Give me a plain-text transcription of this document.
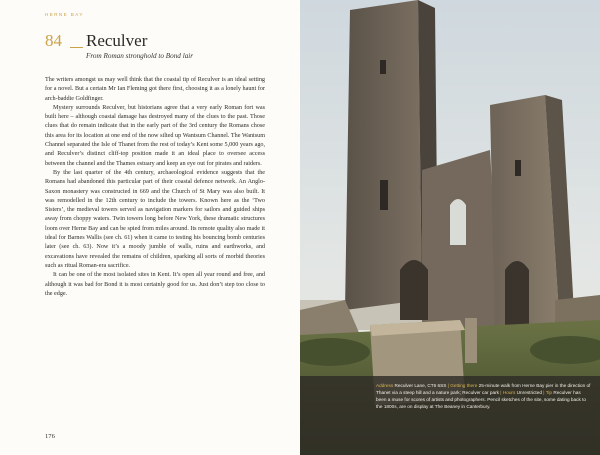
HERNE BAY
84 Reculver
From Roman stronghold to Bond lair

The writers amongst us may well think that the coastal tip of Reculver is an ideal setting for a novel. But a certain Mr Ian Fleming got there first, choosing it as a lonely haunt for arch-baddie Goldfinger.

Mystery surrounds Reculver, but historians agree that a very early Roman fort was built here – although coastal damage has destroyed many of the clues to the past. Those clues that do remain indicate that in the early part of the 3rd century the Romans chose this area for its location at one end of the now silted up Wantsum Channel. The Wantsum Channel separated the Isle of Thanet from the rest of today’s Kent some 5,000 years ago, and Reculver’s distinct cliff-top position made it an ideal place to oversee access between the channel and the Thames estuary and keep an eye out for pirates and raiders.

By the last quarter of the 4th century, archaeological evidence suggests that the Romans had abandoned this particular part of their coastal defence network. An Anglo-Saxon monastery was constructed in 669 and the Church of St Mary was also built. It was remodelled in the 12th century to include the towers. Known here as the ‘Two Sisters’, the medieval towers served as navigation markers for sailors and guided ships away from choppy waters. Twin towers long before New York, these dramatic structures loom over Herne Bay and can be spied from miles around. Its remote quality also made it ideal for Barnes Wallis (see ch. 61) when it came to testing his bouncing bomb centuries later (see ch. 63). Now it’s a moody jumble of walls, ruins and earthworks, and excavations have revealed the remains of children, sparking all sorts of morbid theories such as ritual Roman-era sacrifice.

It can be one of the most isolated sites in Kent. It’s open all year round and free, and although it was bad for Bond it is most certainly good for us. Just don’t step too close to the edge.

176
Address Reculver Lane, CT6 6SS | Getting there 25-minute walk from Herne Bay pier in the direction of Thanet via a steep hill and a nature park; Reculver car park | Hours Unrestricted | Tip Reculver has been a muse for scores of artists and photographers. Pencil sketches of the site, some dating back to the 1800s, are on display at The Beaney in Canterbury.
